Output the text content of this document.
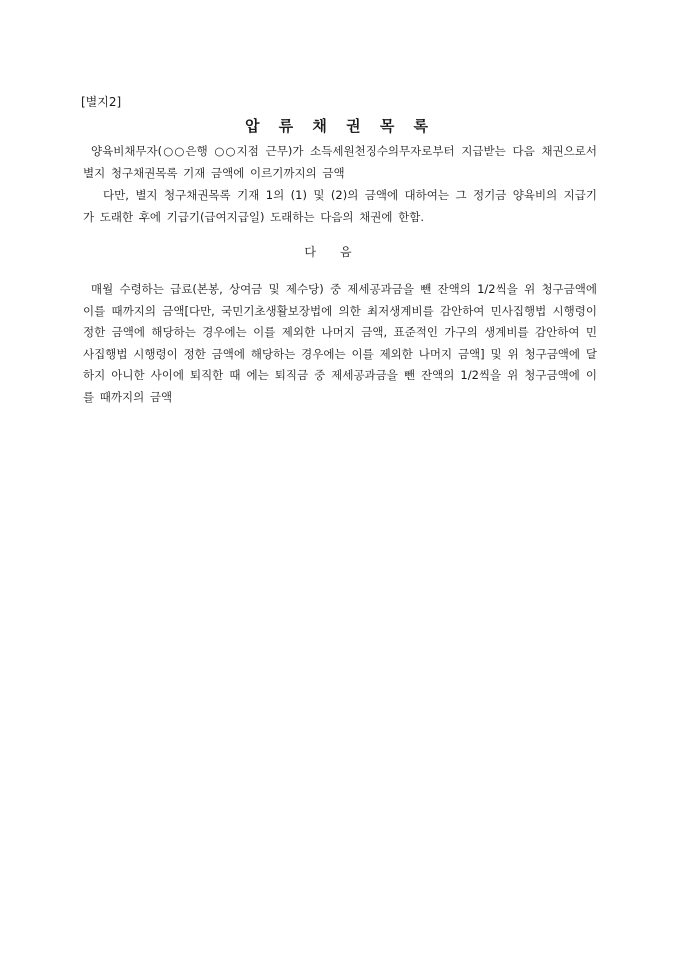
[별지2]
압 류 채 권 목 록
양육비채무자(○○은행 ○○지점 근무)가 소득세원천징수의무자로부터 지급받는 다음 채권으로서 별지 청구채권목록 기재 금액에 이르기까지의 금액
다만, 별지 청구채권목록 기재 1의 (1) 및 (2)의 금액에 대하여는 그 정기금 양육비의 지급기가 도래한 후에 기급기(급여지급일) 도래하는 다음의 채권에 한함.
다음
매월 수령하는 급료(본봉, 상여금 및 제수당) 중 제세공과금을 뺀 잔액의 1/2씩을 위 청구금액에 이를 때까지의 금액[다만, 국민기초생활보장법에 의한 최저생계비를 감안하여 민사집행법 시행령이 정한 금액에 해당하는 경우에는 이를 제외한 나머지 금액, 표준적인 가구의 생계비를 감안하여 민사집행법 시행령이 정한 금액에 해당하는 경우에는 이를 제외한 나머지 금액] 및 위 청구금액에 달하지 아니한 사이에 퇴직한 때 에는 퇴직금 중 제세공과금을 뺀 잔액의 1/2씩을 위 청구금액에 이를 때까지의 금액
